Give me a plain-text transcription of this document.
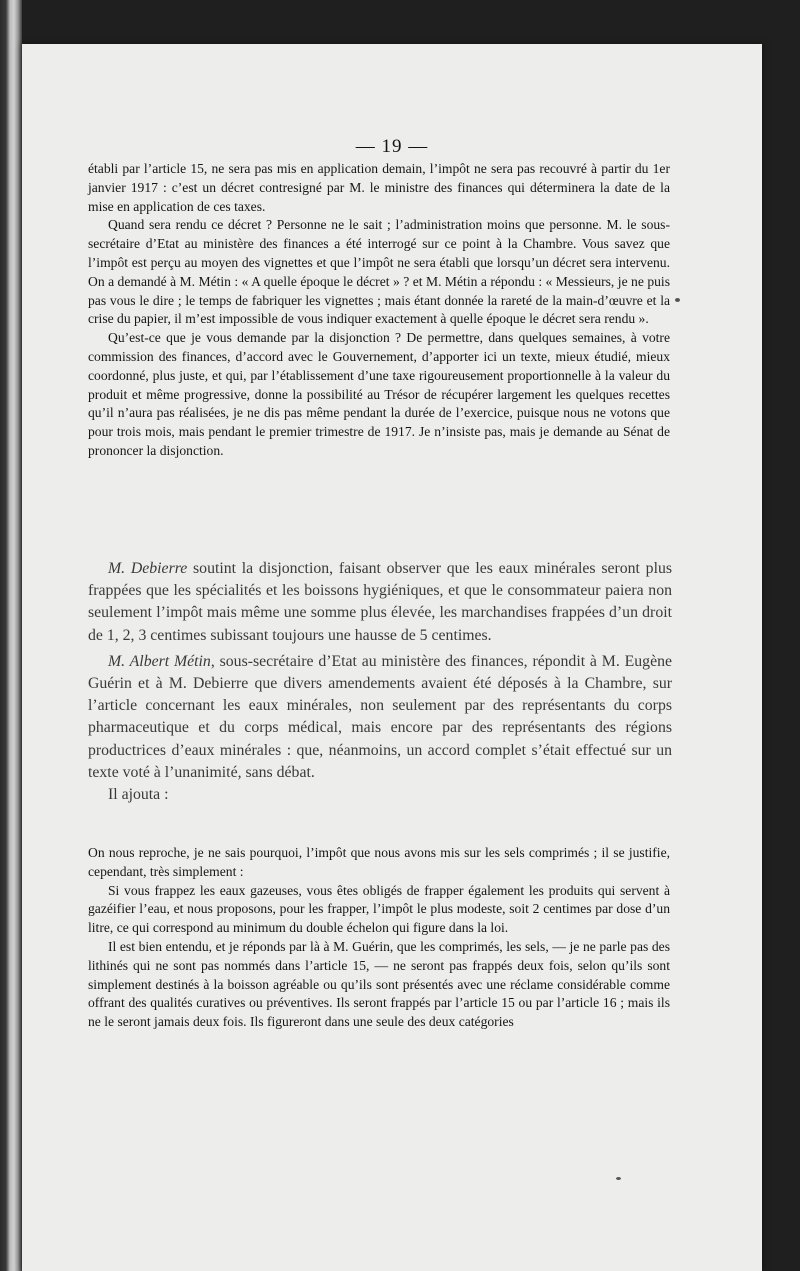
— 19 —

établi par l’article 15, ne sera pas mis en application demain, l’impôt ne sera pas recouvré à partir du 1er janvier 1917 : c’est un décret contresigné par M. le ministre des finances qui déterminera la date de la mise en application de ces taxes.

Quand sera rendu ce décret ? Personne ne le sait ; l’administration moins que personne. M. le sous-secrétaire d’Etat au ministère des finances a été interrogé sur ce point à la Chambre. Vous savez que l’impôt est perçu au moyen des vignettes et que l’impôt ne sera établi que lorsqu’un décret sera intervenu. On a demandé à M. Métin : « A quelle époque le décret » ? et M. Métin a répondu : « Messieurs, je ne puis pas vous le dire ; le temps de fabriquer les vignettes ; mais étant donnée la rareté de la main-d’œuvre et la crise du papier, il m’est impossible de vous indiquer exactement à quelle époque le décret sera rendu ».

Qu’est-ce que je vous demande par la disjonction ? De permettre, dans quelques semaines, à votre commission des finances, d’accord avec le Gouvernement, d’apporter ici un texte, mieux étudié, mieux coordonné, plus juste, et qui, par l’établissement d’une taxe rigoureusement proportionnelle à la valeur du produit et même progressive, donne la possibilité au Trésor de récupérer largement les quelques recettes qu’il n’aura pas réalisées, je ne dis pas même pendant la durée de l’exercice, puisque nous ne votons que pour trois mois, mais pendant le premier trimestre de 1917. Je n’insiste pas, mais je demande au Sénat de prononcer la disjonction.

M. Debierre soutint la disjonction, faisant observer que les eaux minérales seront plus frappées que les spécialités et les boissons hygiéniques, et que le consommateur paiera non seulement l’impôt mais même une somme plus élevée, les marchandises frappées d’un droit de 1, 2, 3 centimes subissant toujours une hausse de 5 centimes.

M. Albert Métin, sous-secrétaire d’Etat au ministère des finances, répondit à M. Eugène Guérin et à M. Debierre que divers amendements avaient été déposés à la Chambre, sur l’article concernant les eaux minérales, non seulement par des représentants du corps pharmaceutique et du corps médical, mais encore par des représentants des régions productrices d’eaux minérales : que, néanmoins, un accord complet s’était effectué sur un texte voté à l’unanimité, sans débat.

Il ajouta :

On nous reproche, je ne sais pourquoi, l’impôt que nous avons mis sur les sels comprimés ; il se justifie, cependant, très simplement :

Si vous frappez les eaux gazeuses, vous êtes obligés de frapper également les produits qui servent à gazéifier l’eau, et nous proposons, pour les frapper, l’impôt le plus modeste, soit 2 centimes par dose d’un litre, ce qui correspond au minimum du double échelon qui figure dans la loi.

Il est bien entendu, et je réponds par là à M. Guérin, que les comprimés, les sels, — je ne parle pas des lithinés qui ne sont pas nommés dans l’article 15, — ne seront pas frappés deux fois, selon qu’ils sont simplement destinés à la boisson agréable ou qu’ils sont présentés avec une réclame considérable comme offrant des qualités curatives ou préventives. Ils seront frappés par l’article 15 ou par l’article 16 ; mais ils ne le seront jamais deux fois. Ils figureront dans une seule des deux catégories
